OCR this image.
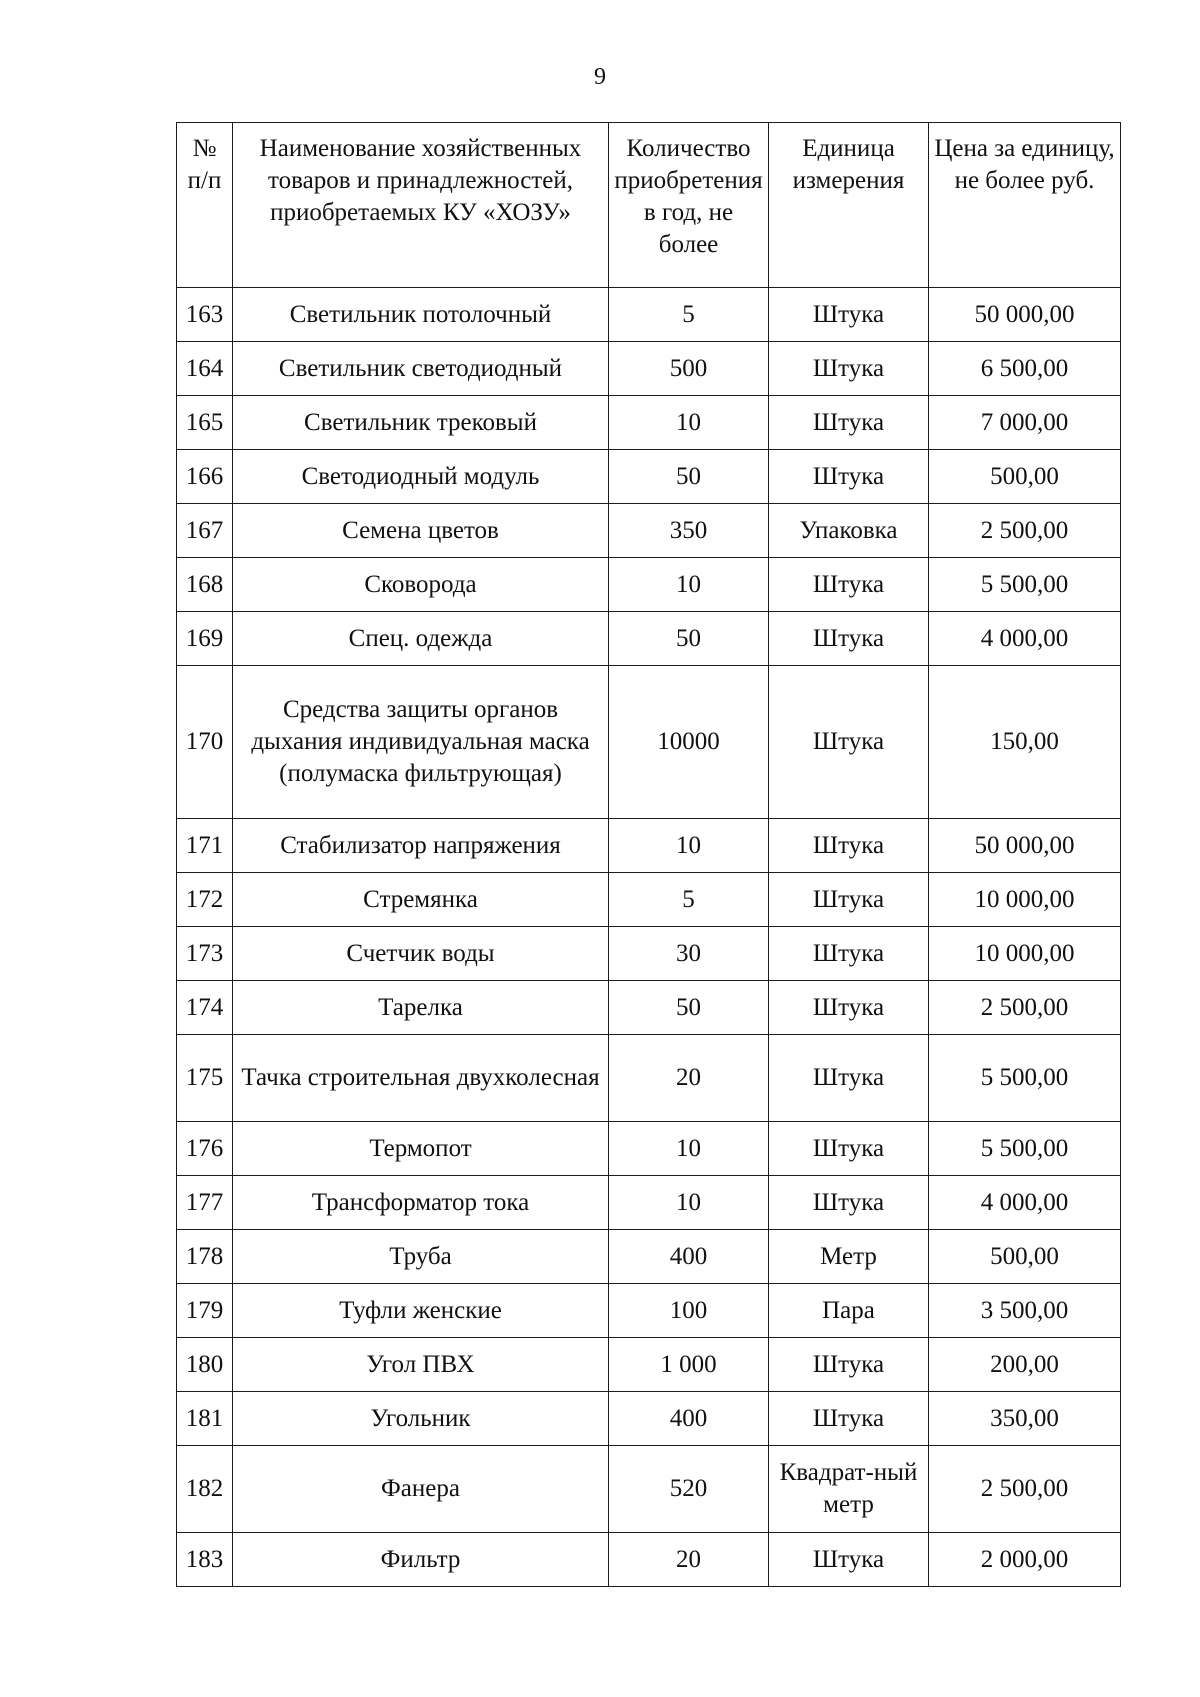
9
№ п/п	Наименование хозяйственных товаров и принадлежностей, приобретаемых КУ «ХОЗУ»	Количество приобретения в год, не более	Единица измерения	Цена за единицу, не более руб.
163	Светильник потолочный	5	Штука	50 000,00
164	Светильник светодиодный	500	Штука	6 500,00
165	Светильник трековый	10	Штука	7 000,00
166	Светодиодный модуль	50	Штука	500,00
167	Семена цветов	350	Упаковка	2 500,00
168	Сковорода	10	Штука	5 500,00
169	Спец. одежда	50	Штука	4 000,00
170	Средства защиты органов дыхания индивидуальная маска (полумаска фильтрующая)	10000	Штука	150,00
171	Стабилизатор напряжения	10	Штука	50 000,00
172	Стремянка	5	Штука	10 000,00
173	Счетчик воды	30	Штука	10 000,00
174	Тарелка	50	Штука	2 500,00
175	Тачка строительная двухколесная	20	Штука	5 500,00
176	Термопот	10	Штука	5 500,00
177	Трансформатор тока	10	Штука	4 000,00
178	Труба	400	Метр	500,00
179	Туфли женские	100	Пара	3 500,00
180	Угол ПВХ	1 000	Штука	200,00
181	Угольник	400	Штука	350,00
182	Фанера	520	Квадрат-ный метр	2 500,00
183	Фильтр	20	Штука	2 000,00
